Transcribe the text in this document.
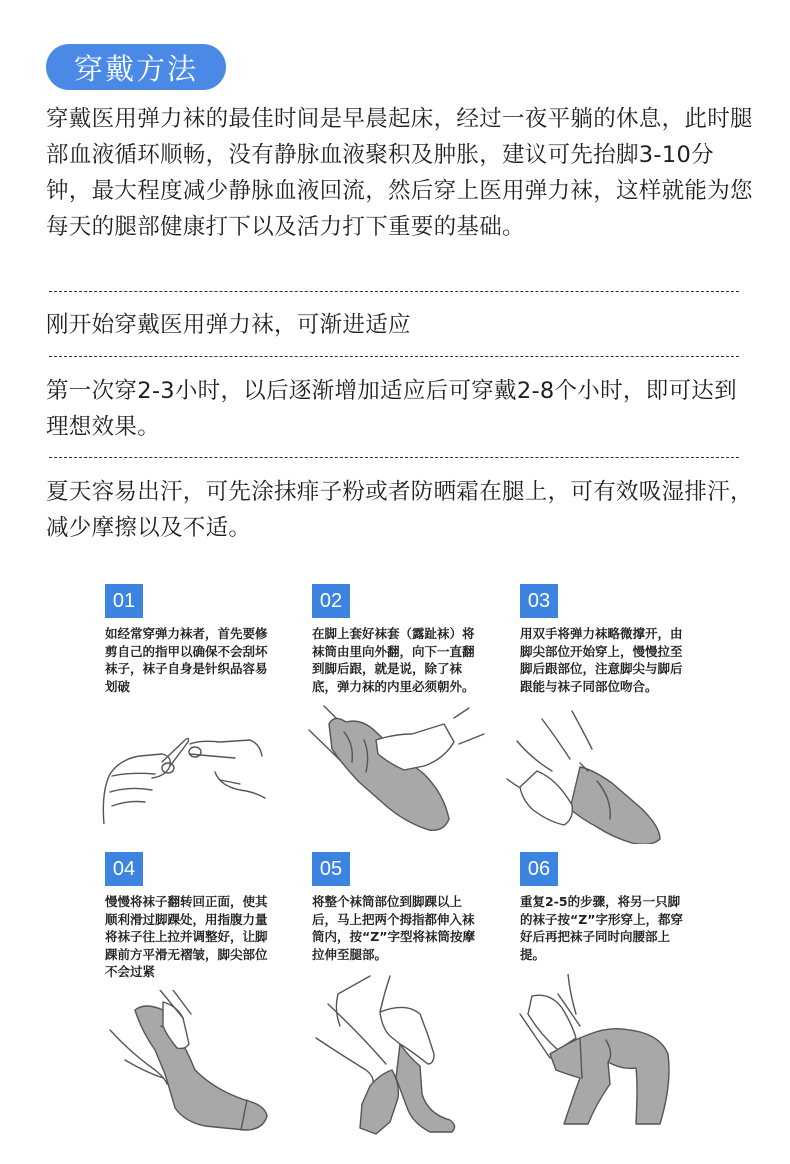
穿戴方法

穿戴医用弹力袜的最佳时间是早晨起床，经过一夜平躺的休息，此时腿部血液循环顺畅，没有静脉血液聚积及肿胀，建议可先抬脚3-10分钟，最大程度减少静脉血液回流，然后穿上医用弹力袜，这样就能为您每天的腿部健康打下以及活力打下重要的基础。

刚开始穿戴医用弹力袜，可渐进适应

第一次穿2-3小时，以后逐渐增加适应后可穿戴2-8个小时，即可达到理想效果。

夏天容易出汗，可先涂抹痱子粉或者防晒霜在腿上，可有效吸湿排汗，减少摩擦以及不适。

01
如经常穿弹力袜者，首先要修剪自己的指甲以确保不会刮坏袜子，袜子自身是针织品容易划破
02
在脚上套好袜套（露趾袜）将袜筒由里向外翻，向下一直翻到脚后跟，就是说，除了袜底，弹力袜的内里必须朝外。
03
用双手将弹力袜略微撑开，由脚尖部位开始穿上，慢慢拉至脚后跟部位，注意脚尖与脚后跟能与袜子同部位吻合。
04
慢慢将袜子翻转回正面，使其顺利滑过脚踝处，用指腹力量将袜子往上拉并调整好，让脚踝前方平滑无褶皱，脚尖部位不会过紧
05
将整个袜筒部位到脚踝以上后，马上把两个拇指都伸入袜筒内，按“Z”字型将袜筒按摩拉伸至腿部。
06
重复2-5的步骤，将另一只脚的袜子按“Z”字形穿上，都穿好后再把袜子同时向腰部上提。
